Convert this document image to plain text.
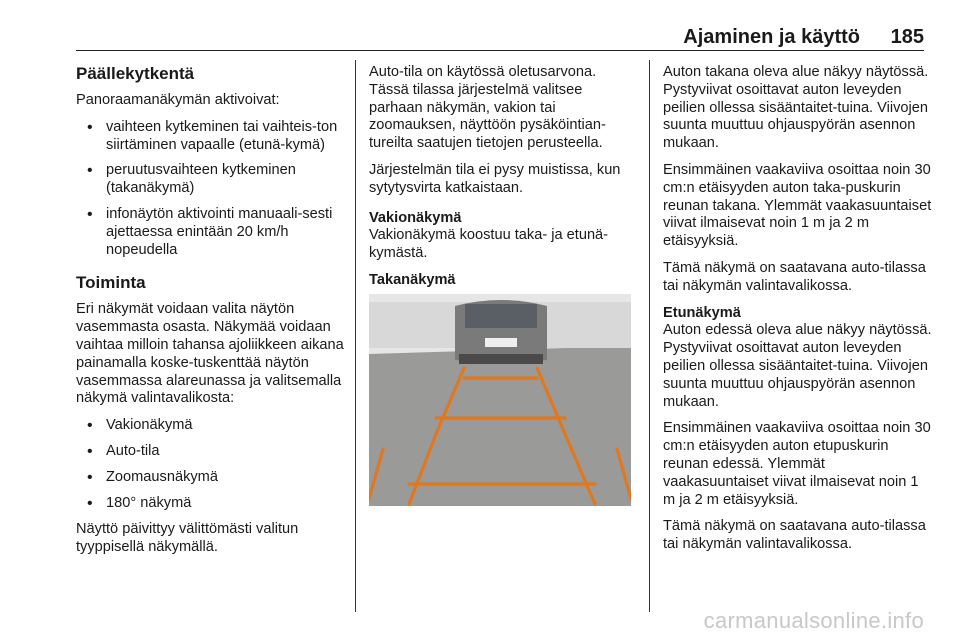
Ajaminen ja käyttö 185
Päällekytkentä

Panoraamanäkymän aktivoivat:

• vaihteen kytkeminen tai vaihteis-ton siirtäminen vapaalle (etunä-kymä)
• peruutusvaihteen kytkeminen (takanäkymä)
• infonäytön aktivointi manuaali-sesti ajettaessa enintään 20 km/h nopeudella
Toiminta

Eri näkymät voidaan valita näytön vasemmasta osasta. Näkymää voidaan vaihtaa milloin tahansa ajoliikkeen aikana painamalla koske-tuskenttää näytön vasemmassa alareunassa ja valitsemalla näkymä valintavalikosta:

• Vakionäkymä
• Auto-tila
• Zoomausnäkymä
• 180° näkymä

Näyttö päivittyy välittömästi valitun tyyppisellä näkymällä.

Auto-tila on käytössä oletusarvona. Tässä tilassa järjestelmä valitsee parhaan näkymän, vakion tai zoomauksen, näyttöön pysäköintian-tureilta saatujen tietojen perusteella.

Järjestelmän tila ei pysy muistissa, kun sytytysvirta katkaistaan.

Vakionäkymä

Vakionäkymä koostuu taka- ja etunä-kymästä.

Takanäkymä

Auton takana oleva alue näkyy näytössä. Pystyviivat osoittavat auton leveyden peilien ollessa sisääntaitet-tuina. Viivojen suunta muuttuu ohjauspyörän asennon mukaan.

Ensimmäinen vaakaviiva osoittaa noin 30 cm:n etäisyyden auton taka-puskurin reunan takana. Ylemmät vaakasuuntaiset viivat ilmaisevat noin 1 m ja 2 m etäisyyksiä.

Tämä näkymä on saatavana auto-tilassa tai näkymän valintavalikossa.

Etunäkymä

Auton edessä oleva alue näkyy näytössä. Pystyviivat osoittavat auton leveyden peilien ollessa sisääntaitet-tuina. Viivojen suunta muuttuu ohjauspyörän asennon mukaan.

Ensimmäinen vaakaviiva osoittaa noin 30 cm:n etäisyyden auton etupuskurin reunan edessä. Ylemmät vaakasuuntaiset viivat ilmaisevat noin 1 m ja 2 m etäisyyksiä.

Tämä näkymä on saatavana auto-tilassa tai näkymän valintavalikossa.

carmanualsonline.info
